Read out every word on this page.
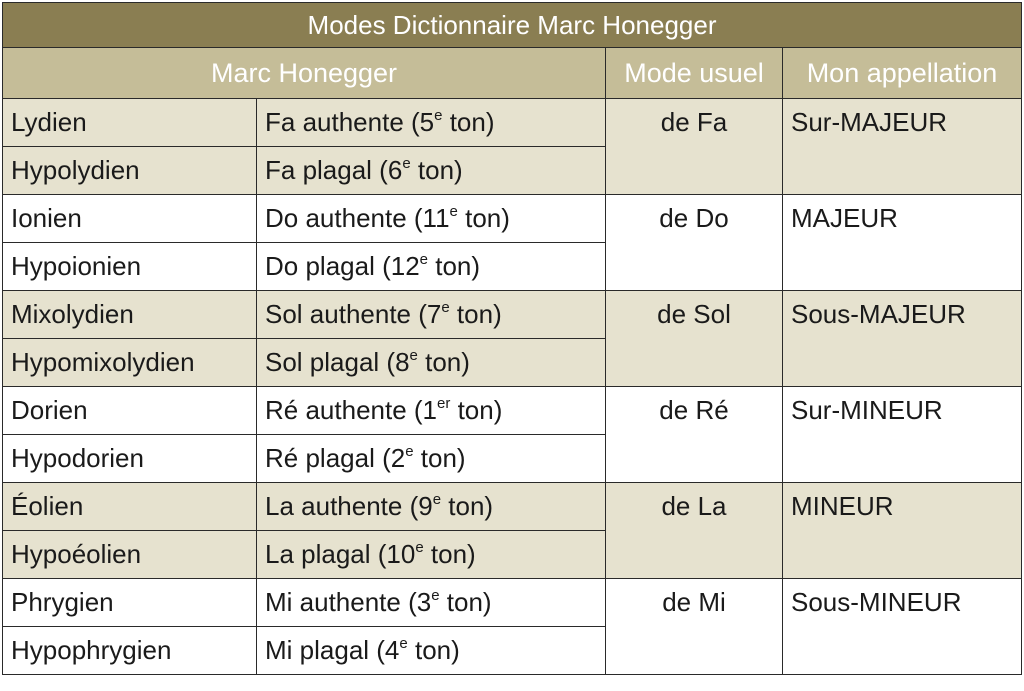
Modes Dictionnaire Marc Honegger			
Marc Honegger		Mode usuel	Mon appellation
Lydien	Fa authente (5e ton)	de Fa	Sur-MAJEUR
Hypolydien	Fa plagal (6e ton)		
Ionien	Do authente (11e ton)	de Do	MAJEUR
Hypoionien	Do plagal (12e ton)		
Mixolydien	Sol authente (7e ton)	de Sol	Sous-MAJEUR
Hypomixolydien	Sol plagal (8e ton)		
Dorien	Ré authente (1er ton)	de Ré	Sur-MINEUR
Hypodorien	Ré plagal (2e ton)		
Éolien	La authente (9e ton)	de La	MINEUR
Hypoéolien	La plagal (10e ton)		
Phrygien	Mi authente (3e ton)	de Mi	Sous-MINEUR
Hypophrygien	Mi plagal (4e ton)		
